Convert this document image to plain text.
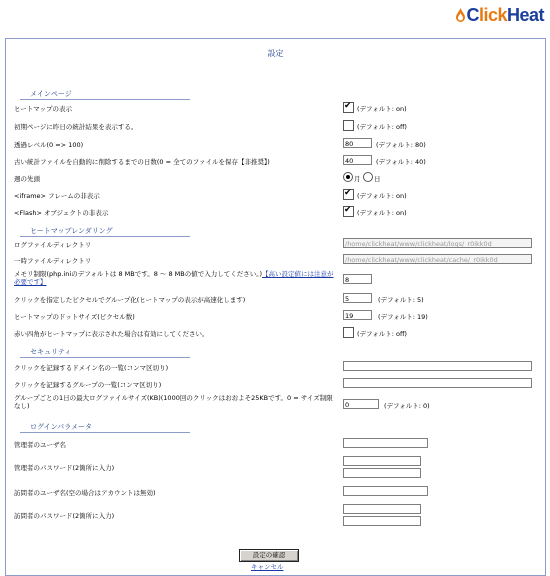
ClickHeat
設定
メインページ
ヒートマップの表示 ✔	(デフォルト: on)
初期ページに昨日の統計結果を表示する。	(デフォルト: off)
透過レベル(0 => 100)	80	(デフォルト: 80)
古い統計ファイルを自動的に削除するまでの日数(0 = 全てのファイルを保存【非推奨】)	40	(デフォルト: 40)
週の先頭	月 日
<iframe> フレームの非表示 ✔	(デフォルト: on)
<Flash> オブジェクトの非表示 ✔	(デフォルト: on)
ヒートマップレンダリング
ログファイルディレクトリ	/home/clickheat/www/clickheat/logs/_r0ikk0d
一時ファイルディレクトリ	/home/clickheat/www/clickheat/cache/_r0ikk0d
メモリ制限(php.iniのデフォルトは 8 MBです。8 ～ 8 MBの値で入力してください。)【高い設定値には注意が必要です】	8
クリックを指定したピクセルでグループ化(ヒートマップの表示が高速化します)	5	(デフォルト: 5)
ヒートマップのドットサイズ(ピクセル数)	19	(デフォルト: 19)
赤い四角がヒートマップに表示された場合は有効にしてください。	(デフォルト: off)
セキュリティ
クリックを記録するドメイン名の一覧(コンマ区切り)
クリックを記録するグループの一覧(コンマ区切り)
グループごとの1日の最大ログファイルサイズ(KB)(1000回のクリックはおおよそ25KBです。0 = サイズ制限なし)	0	(デフォルト: 0)
ログインパラメータ
管理者のユーザ名
管理者のパスワード(2箇所に入力)
訪問者のユーザ名(空の場合はアカウントは無効)
訪問者のパスワード(2箇所に入力)
設定の確認
キャンセル
